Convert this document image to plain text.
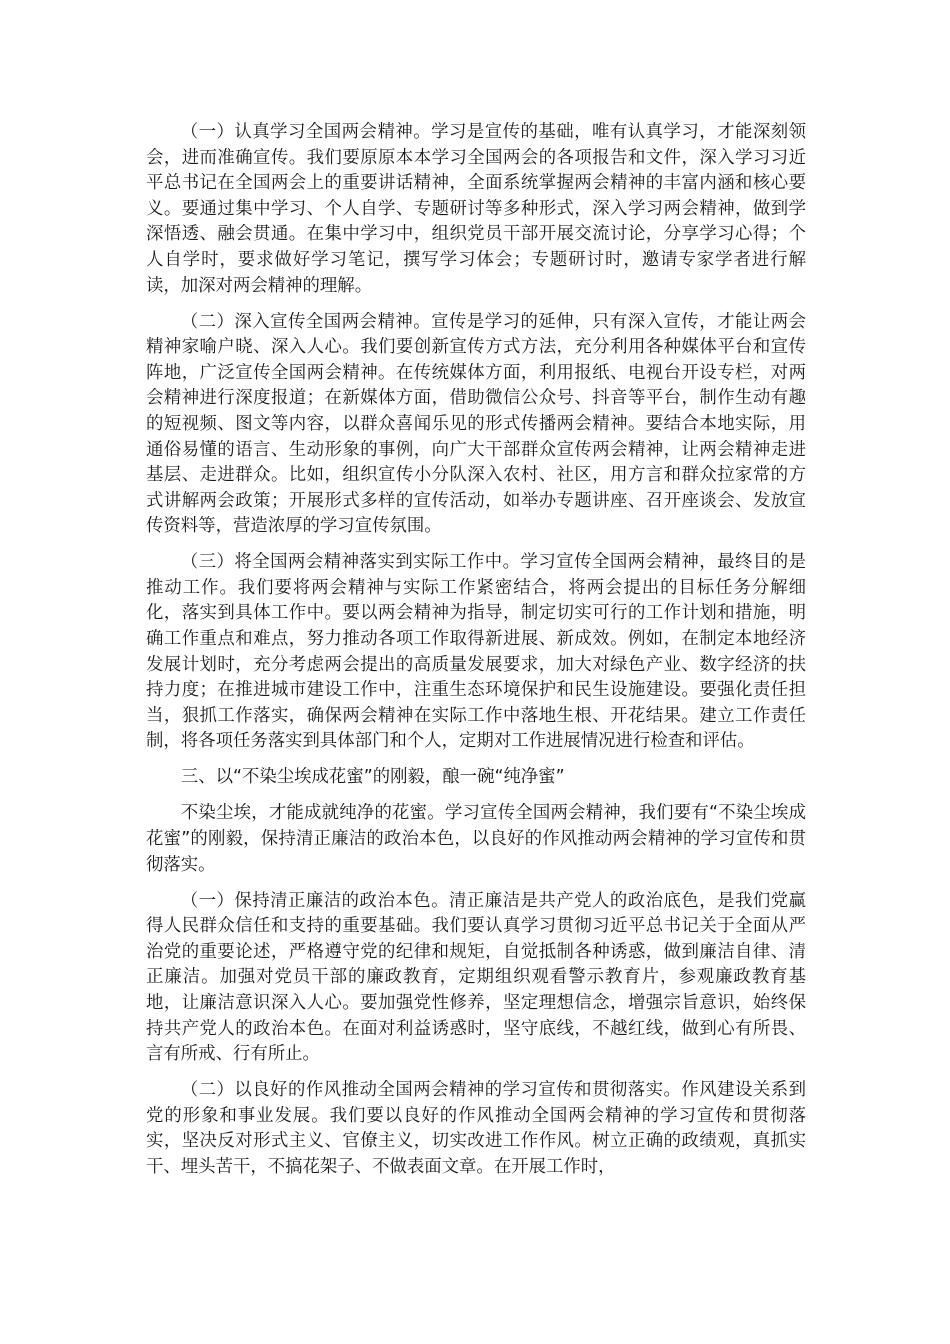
（一）认真学习全国两会精神。学习是宣传的基础，唯有认真学习，才能深刻领会，进而准确宣传。我们要原原本本学习全国两会的各项报告和文件，深入学习习近平总书记在全国两会上的重要讲话精神，全面系统掌握两会精神的丰富内涵和核心要义。要通过集中学习、个人自学、专题研讨等多种形式，深入学习两会精神，做到学深悟透、融会贯通。在集中学习中，组织党员干部开展交流讨论，分享学习心得；个人自学时，要求做好学习笔记，撰写学习体会；专题研讨时，邀请专家学者进行解读，加深对两会精神的理解。

（二）深入宣传全国两会精神。宣传是学习的延伸，只有深入宣传，才能让两会精神家喻户晓、深入人心。我们要创新宣传方式方法，充分利用各种媒体平台和宣传阵地，广泛宣传全国两会精神。在传统媒体方面，利用报纸、电视台开设专栏，对两会精神进行深度报道；在新媒体方面，借助微信公众号、抖音等平台，制作生动有趣的短视频、图文等内容，以群众喜闻乐见的形式传播两会精神。要结合本地实际，用通俗易懂的语言、生动形象的事例，向广大干部群众宣传两会精神，让两会精神走进基层、走进群众。比如，组织宣传小分队深入农村、社区，用方言和群众拉家常的方式讲解两会政策；开展形式多样的宣传活动，如举办专题讲座、召开座谈会、发放宣传资料等，营造浓厚的学习宣传氛围。

（三）将全国两会精神落实到实际工作中。学习宣传全国两会精神，最终目的是推动工作。我们要将两会精神与实际工作紧密结合，将两会提出的目标任务分解细化，落实到具体工作中。要以两会精神为指导，制定切实可行的工作计划和措施，明确工作重点和难点，努力推动各项工作取得新进展、新成效。例如，在制定本地经济发展计划时，充分考虑两会提出的高质量发展要求，加大对绿色产业、数字经济的扶持力度；在推进城市建设工作中，注重生态环境保护和民生设施建设。要强化责任担当，狠抓工作落实，确保两会精神在实际工作中落地生根、开花结果。建立工作责任制，将各项任务落实到具体部门和个人，定期对工作进展情况进行检查和评估。

三、以“不染尘埃成花蜜”的刚毅，酿一碗“纯净蜜”

不染尘埃，才能成就纯净的花蜜。学习宣传全国两会精神，我们要有“不染尘埃成花蜜”的刚毅，保持清正廉洁的政治本色，以良好的作风推动两会精神的学习宣传和贯彻落实。

（一）保持清正廉洁的政治本色。清正廉洁是共产党人的政治底色，是我们党赢得人民群众信任和支持的重要基础。我们要认真学习贯彻习近平总书记关于全面从严治党的重要论述，严格遵守党的纪律和规矩，自觉抵制各种诱惑，做到廉洁自律、清正廉洁。加强对党员干部的廉政教育，定期组织观看警示教育片，参观廉政教育基地，让廉洁意识深入人心。要加强党性修养，坚定理想信念，增强宗旨意识，始终保持共产党人的政治本色。在面对利益诱惑时，坚守底线，不越红线，做到心有所畏、言有所戒、行有所止。

（二）以良好的作风推动全国两会精神的学习宣传和贯彻落实。作风建设关系到党的形象和事业发展。我们要以良好的作风推动全国两会精神的学习宣传和贯彻落实，坚决反对形式主义、官僚主义，切实改进工作作风。树立正确的政绩观，真抓实干、埋头苦干，不搞花架子、不做表面文章。在开展工作时，
